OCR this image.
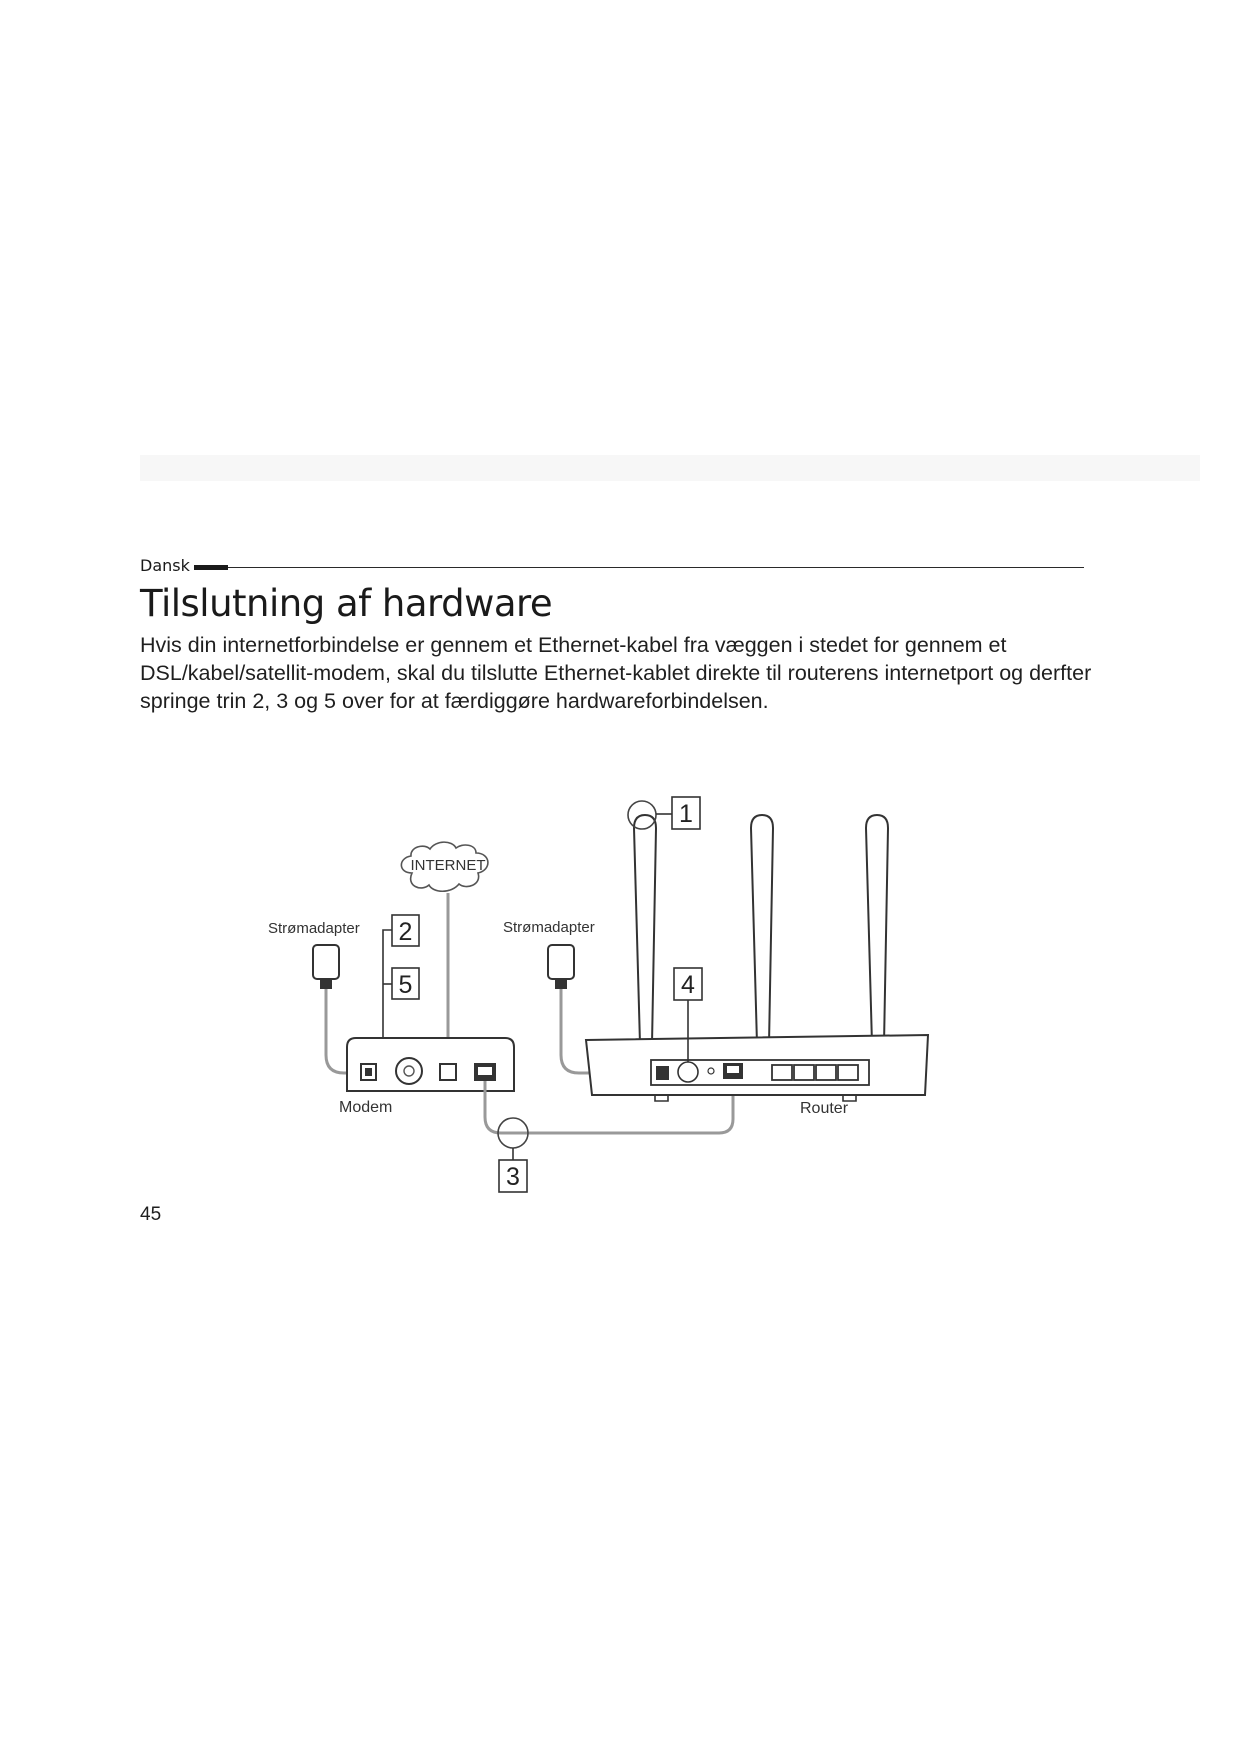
Dansk
Tilslutning af hardware

Hvis din internetforbindelse er gennem et Ethernet-kabel fra væggen i stedet for gennem et DSL/kabel/satellit-modem, skal du tilslutte Ethernet-kablet direkte til routerens internetport og derfter springe trin 2, 3 og 5 over for at færdiggøre hardwareforbindelsen.

INTERNET
Strømadapter 2
5
Modem
3
Strømadapter
1
4
Router
45
